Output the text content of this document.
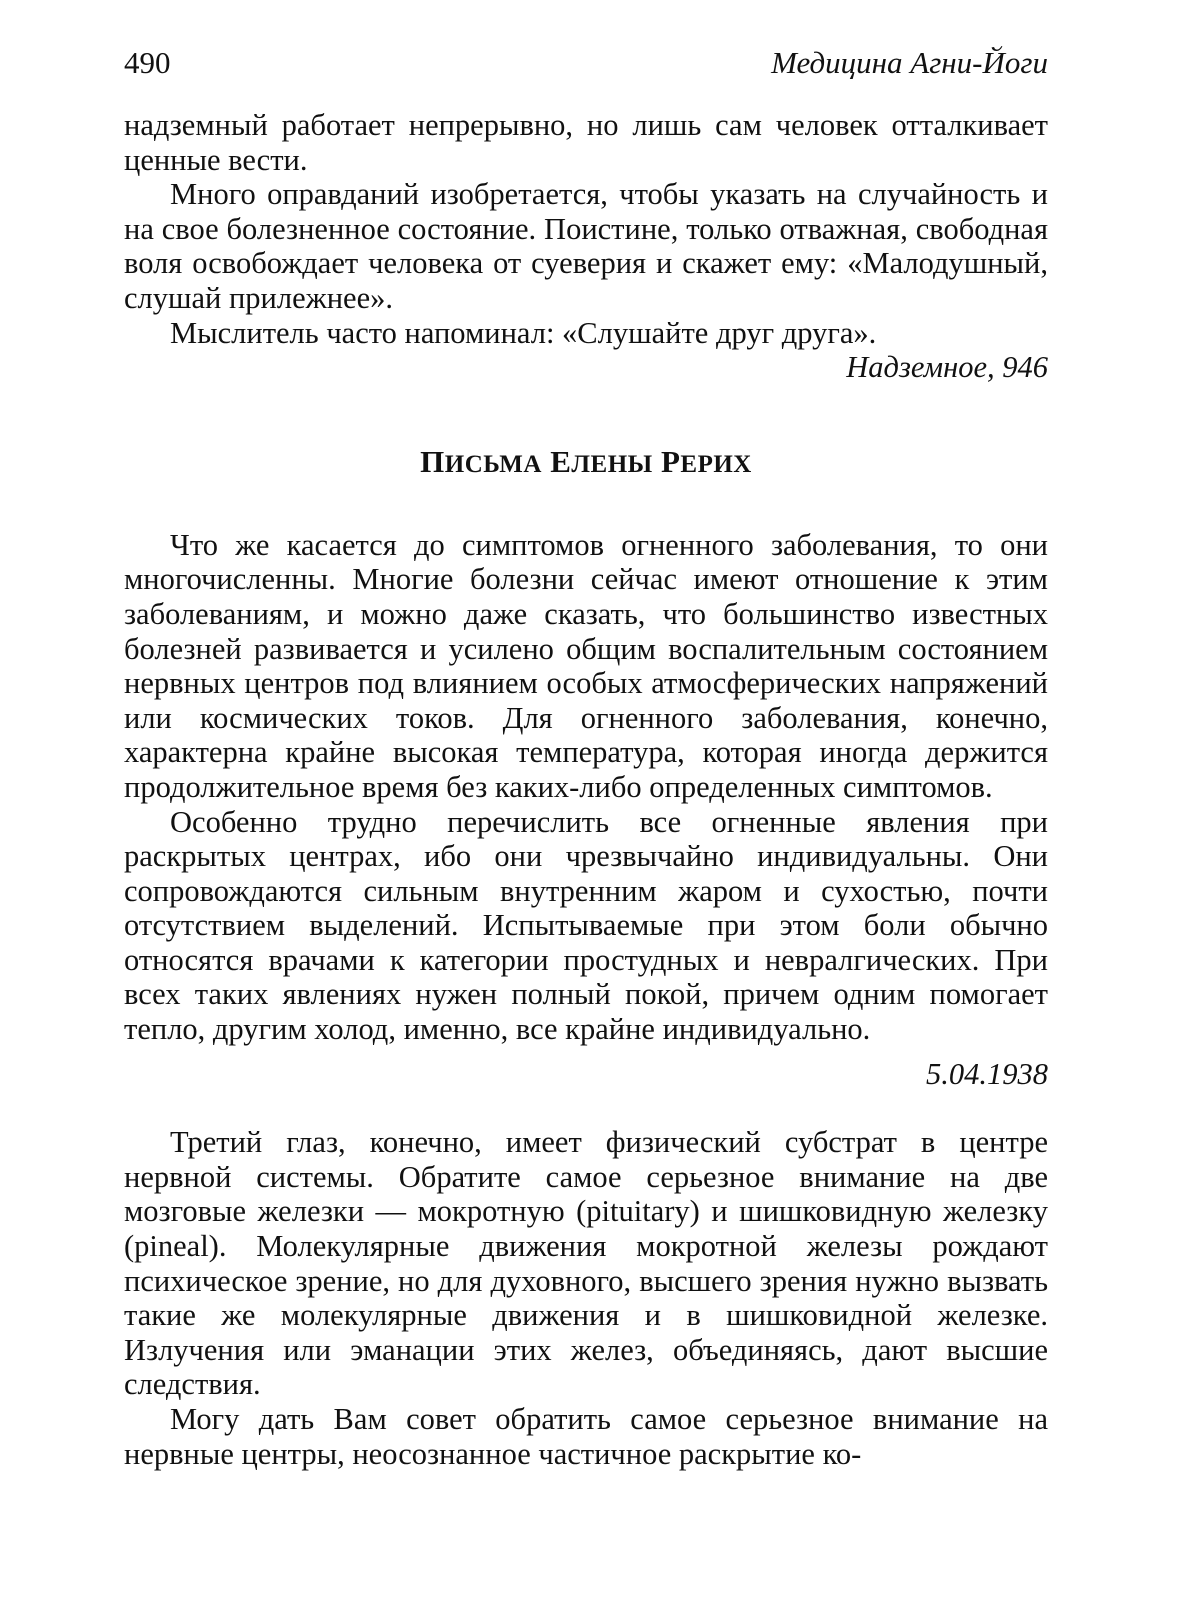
490	Медицина Агни-Йоги

надземный работает непрерывно, но лишь сам человек отталкивает ценные вести.

Много оправданий изобретается, чтобы указать на случайность и на свое болезненное состояние. Поистине, только отважная, свободная воля освобождает человека от суеверия и скажет ему: «Малодушный, слушай прилежнее».

Мыслитель часто напоминал: «Слушайте друг друга».

Надземное, 946
ПИСЬМА ЕЛЕНЫ РЕРИХ

Что же касается до симптомов огненного заболевания, то они многочисленны. Многие болезни сейчас имеют отношение к этим заболеваниям, и можно даже сказать, что большинство известных болезней развивается и усилено общим воспалительным состоянием нервных центров под влиянием особых атмосферических напряжений или космических токов. Для огненного заболевания, конечно, характерна крайне высокая температура, которая иногда держится продолжительное время без каких-либо определенных симптомов.

Особенно трудно перечислить все огненные явления при раскрытых центрах, ибо они чрезвычайно индивидуальны. Они сопровождаются сильным внутренним жаром и сухостью, почти отсутствием выделений. Испытываемые при этом боли обычно относятся врачами к категории простудных и невралгических. При всех таких явлениях нужен полный покой, причем одним помогает тепло, другим холод, именно, все крайне индивидуально.

5.04.1938

Третий глаз, конечно, имеет физический субстрат в центре нервной системы. Обратите самое серьезное внимание на две мозговые железки — мокротную (pituitary) и шишковидную железку (pineal). Молекулярные движения мокротной железы рождают психическое зрение, но для духовного, высшего зрения нужно вызвать такие же молекулярные движения и в шишковидной железке. Излучения или эманации этих желез, объединяясь, дают высшие следствия.

Могу дать Вам совет обратить самое серьезное внимание на нервные центры, неосознанное частичное раскрытие ко-
